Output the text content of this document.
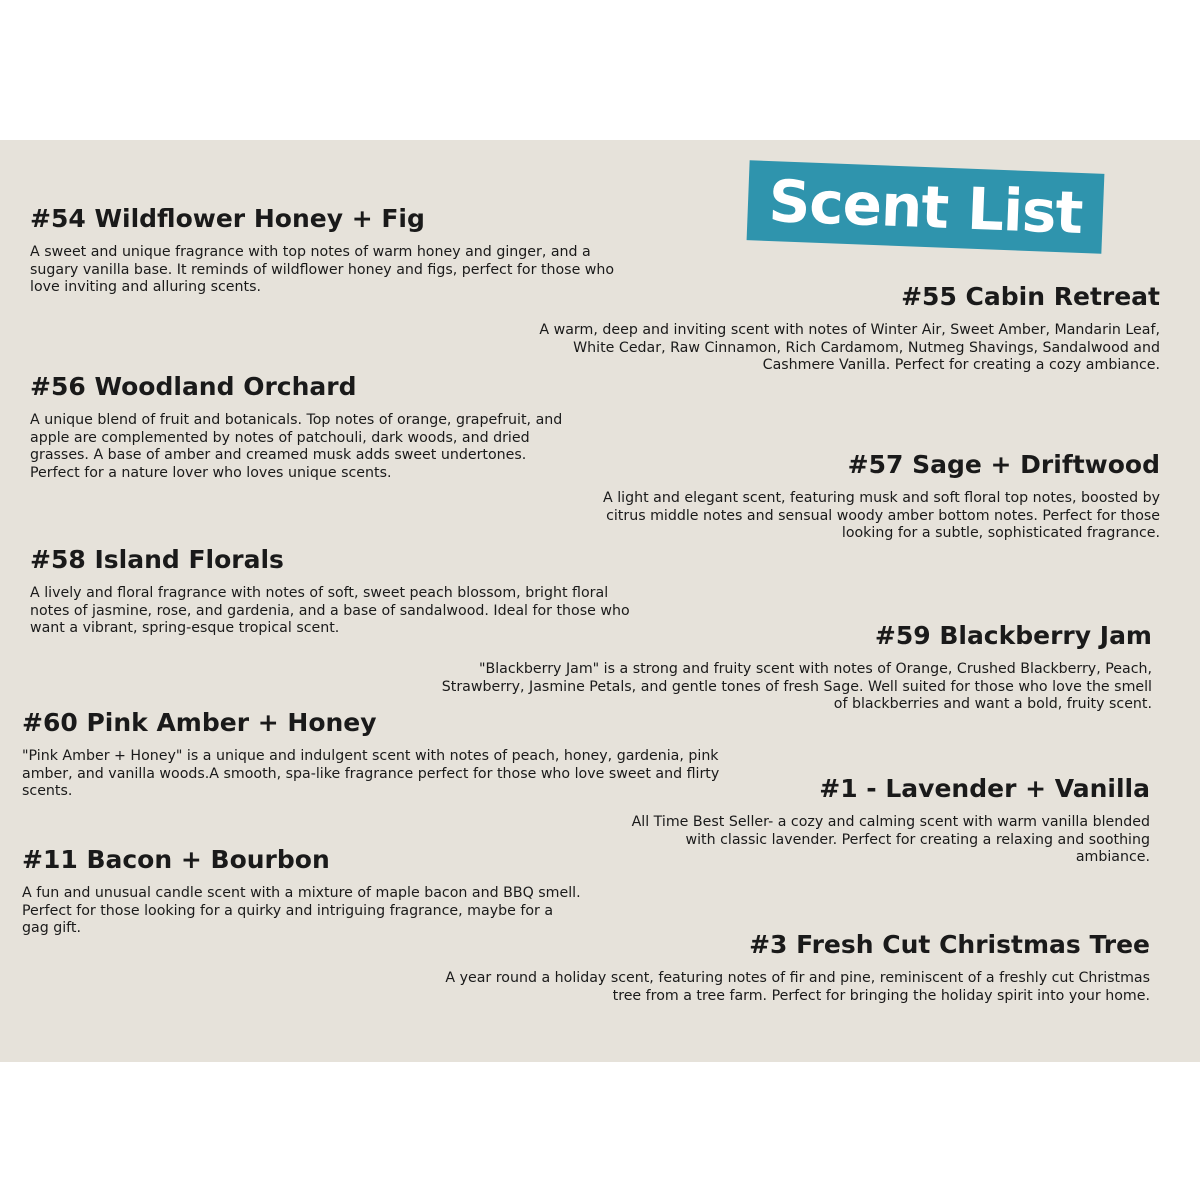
Scent List
#54 Wildflower Honey + Fig

A sweet and unique fragrance with top notes of warm honey and ginger, and a sugary vanilla base. It reminds of wildflower honey and figs, perfect for those who love inviting and alluring scents.

#56 Woodland Orchard

A unique blend of fruit and botanicals. Top notes of orange, grapefruit, and apple are complemented by notes of patchouli, dark woods, and dried grasses. A base of amber and creamed musk adds sweet undertones. Perfect for a nature lover who loves unique scents.

#58 Island Florals

A lively and floral fragrance with notes of soft, sweet peach blossom, bright floral notes of jasmine, rose, and gardenia, and a base of sandalwood. Ideal for those who want a vibrant, spring-esque tropical scent.

#60 Pink Amber + Honey

"Pink Amber + Honey" is a unique and indulgent scent with notes of peach, honey, gardenia, pink amber, and vanilla woods.A smooth, spa-like fragrance perfect for those who love sweet and flirty scents.

#11 Bacon + Bourbon

A fun and unusual candle scent with a mixture of maple bacon and BBQ smell. Perfect for those looking for a quirky and intriguing fragrance, maybe for a gag gift.

#55 Cabin Retreat

A warm, deep and inviting scent with notes of Winter Air, Sweet Amber, Mandarin Leaf, White Cedar, Raw Cinnamon, Rich Cardamom, Nutmeg Shavings, Sandalwood and Cashmere Vanilla. Perfect for creating a cozy ambiance.

#57 Sage + Driftwood

A light and elegant scent, featuring musk and soft floral top notes, boosted by citrus middle notes and sensual woody amber bottom notes. Perfect for those looking for a subtle, sophisticated fragrance.

#59 Blackberry Jam

"Blackberry Jam" is a strong and fruity scent with notes of Orange, Crushed Blackberry, Peach, Strawberry, Jasmine Petals, and gentle tones of fresh Sage. Well suited for those who love the smell of blackberries and want a bold, fruity scent.

#1 - Lavender + Vanilla

All Time Best Seller- a cozy and calming scent with warm vanilla blended with classic lavender. Perfect for creating a relaxing and soothing ambiance.

#3 Fresh Cut Christmas Tree

A year round a holiday scent, featuring notes of fir and pine, reminiscent of a freshly cut Christmas tree from a tree farm. Perfect for bringing the holiday spirit into your home.
